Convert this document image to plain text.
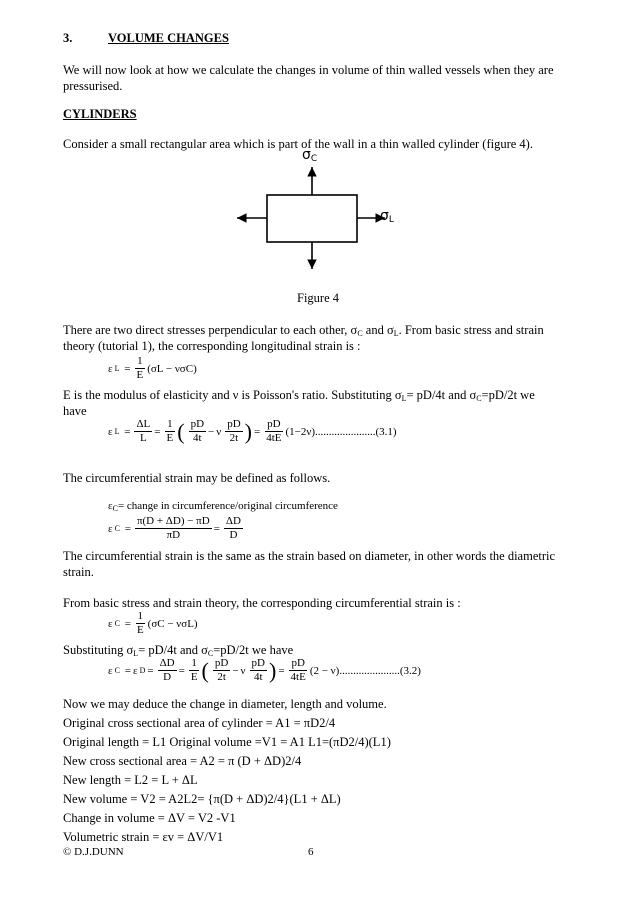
3.	VOLUME CHANGES
We will now look at how we calculate the changes in volume of thin walled vessels when they are
pressurised.
CYLINDERS
Consider a small rectangular area which is part of the wall in a thin walled cylinder (figure 4).
$\sigma_C$
$\sigma_L$
Figure 4
There are two direct stresses perpendicular to each other, $\sigma_C$ and $\sigma_L$. From basic stress and strain
theory (tutorial 1), the corresponding longitudinal strain is :
ε $L = \frac{1}{E} (\sigma L - \nu\sigma C)$
E is the modulus of elasticity and ν is Poisson's ratio. Substituting $\sigma_L= pD/4t$ and $\sigma_C=pD/2t$ we
have
ε $L = \frac{\Delta L}{L} = \frac{1}{E}$ ( $\frac{pD}{4t} - \nu \frac{pD}{2t}$ ) = $\frac{pD}{4tE} (1-2\nu)......................(3.1)$
The circumferential strain may be defined as follows.
$\varepsilon_C=$ change in circumference/original circumference
ε $C = \frac{\pi(D + \Delta D) - \pi D}{\pi D} = \frac{\Delta D}{D}$
The circumferential strain is the same as the strain based on diameter, in other words the diametric
strain.
From basic stress and strain theory, the corresponding circumferential strain is :
ε $C = \frac{1}{E} (\sigma C - \nu\sigma L)$
Substituting $\sigma_L= pD/4t$ and $\sigma_C=pD/2t$ we have
ε C = ε $D = \frac{\Delta D}{D} = \frac{1}{E}$ ( $\frac{pD}{2t} - \nu \frac{pD}{4t}$ ) = $\frac{pD}{4tE} (2 - \nu)......................(3.2)$
Now we may deduce the change in diameter, length and volume.
Original cross sectional area of cylinder = A1 = πD2/4
Original length = L1 Original volume =V1 = A1 L1=(πD2/4)(L1)
New cross sectional area = A2 = π (D + ΔD)2/4
New length = L2 = L + ΔL
New volume = V2 = A2L2= {π(D + ΔD)2/4}(L1 + ΔL)
Change in volume = ΔV = V2 -V1
Volumetric strain = εv = ΔV/V1
© D.J.DUNN	6
